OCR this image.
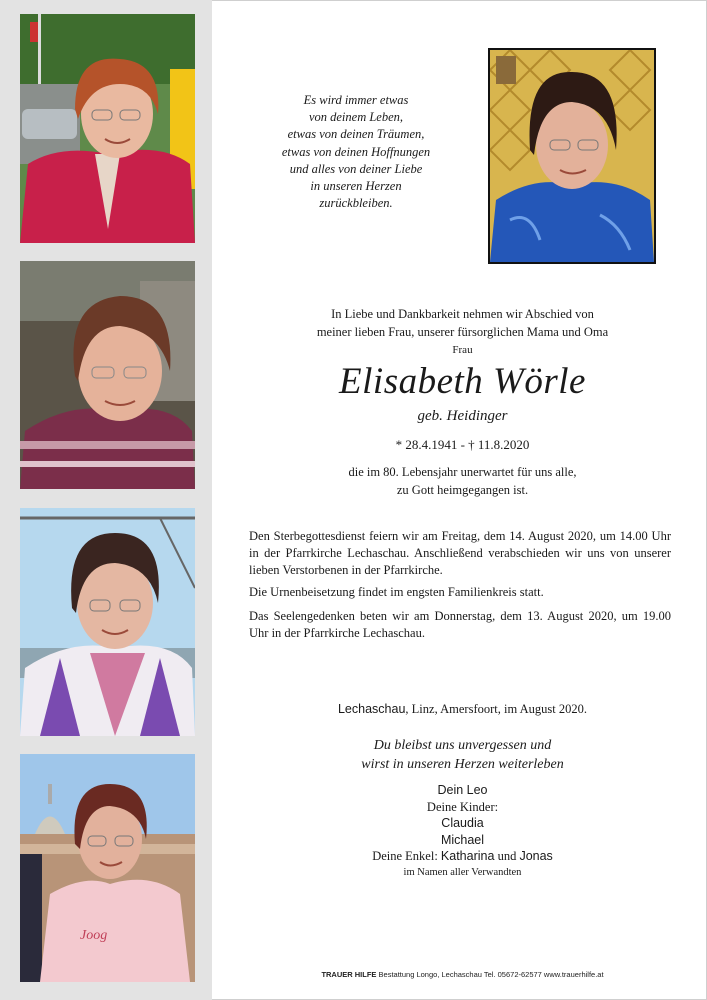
Joog
Es wird immer etwas
von deinem Leben,
etwas von deinen Träumen,
etwas von deinen Hoffnungen
und alles von deiner Liebe
in unseren Herzen
zurückbleiben.
In Liebe und Dankbarkeit nehmen wir Abschied von
meiner lieben Frau, unserer fürsorglichen Mama und Oma
Frau
Elisabeth Wörle
geb. Heidinger
* 28.4.1941 - † 11.8.2020
die im 80. Lebensjahr unerwartet für uns alle,
zu Gott heimgegangen ist.
Den Sterbegottesdienst feiern wir am Freitag, dem 14. August 2020, um 14.00 Uhr in der Pfarrkirche Lechaschau. Anschließend verabschieden wir uns von unserer lieben Verstorbenen in der Pfarrkirche.
Die Urnenbeisetzung findet im engsten Familienkreis statt.
Das Seelengedenken beten wir am Donnerstag, dem 13. August 2020, um 19.00 Uhr in der Pfarrkirche Lechaschau.
Lechaschau, Linz, Amersfoort, im August 2020.
Du bleibst uns unvergessen und
wirst in unseren Herzen weiterleben
Dein Leo
Deine Kinder:
Claudia
Michael
Deine Enkel: Katharina und Jonas
im Namen aller Verwandten
TRAUER HILFE Bestattung Longo, Lechaschau Tel. 05672-62577 www.trauerhilfe.at
